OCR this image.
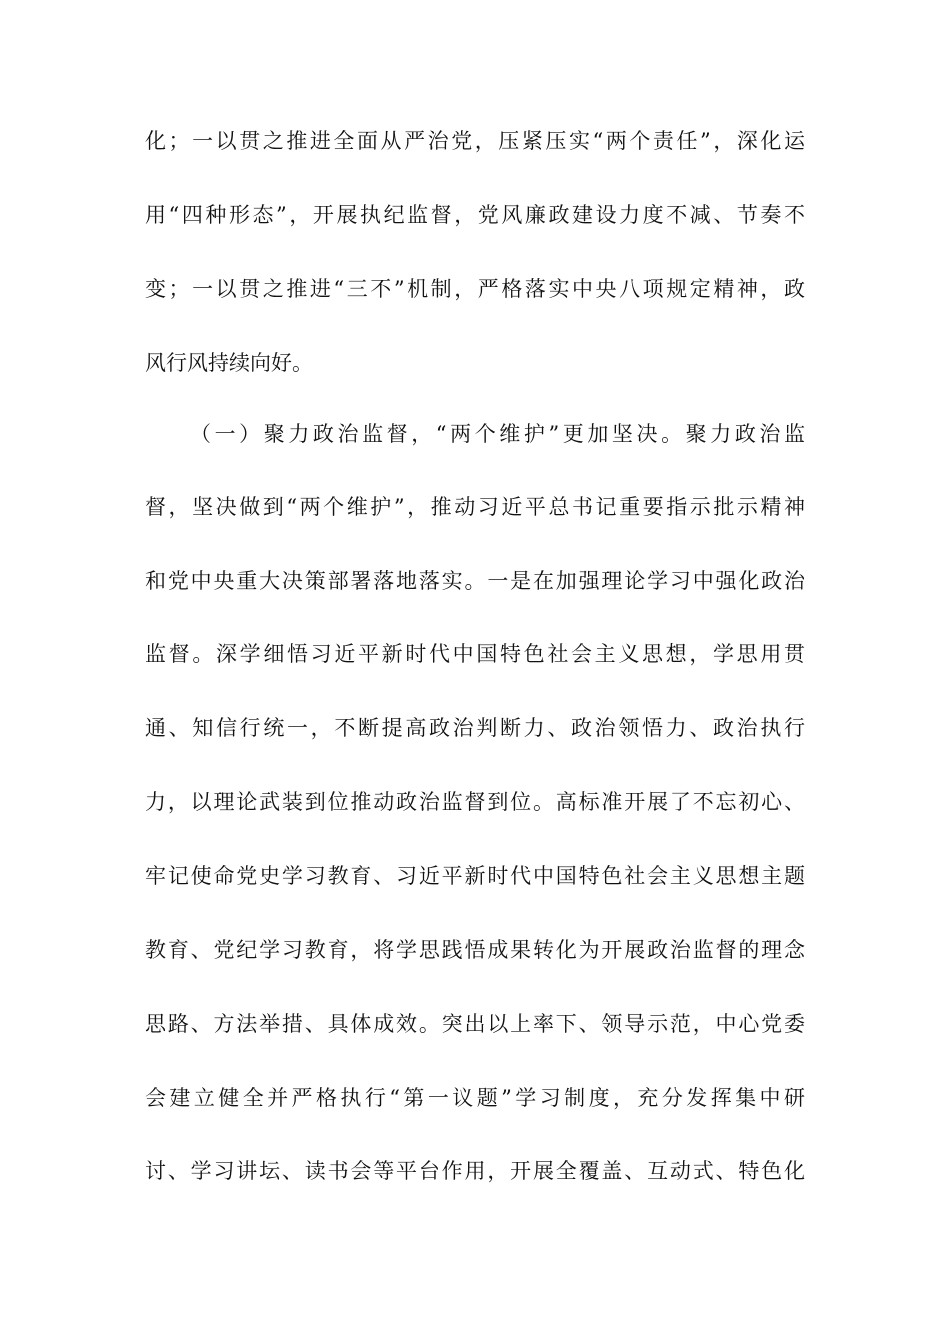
化；一以贯之推进全面从严治党，压紧压实“两个责任”，深化运
用“四种形态”，开展执纪监督，党风廉政建设力度不减、节奏不
变；一以贯之推进“三不”机制，严格落实中央八项规定精神，政
风行风持续向好。
（一）聚力政治监督，“两个维护”更加坚决。聚力政治监
督，坚决做到“两个维护”，推动习近平总书记重要指示批示精神
和党中央重大决策部署落地落实。一是在加强理论学习中强化政治
监督。深学细悟习近平新时代中国特色社会主义思想，学思用贯
通、知信行统一，不断提高政治判断力、政治领悟力、政治执行
力，以理论武装到位推动政治监督到位。高标准开展了不忘初心、
牢记使命党史学习教育、习近平新时代中国特色社会主义思想主题
教育、党纪学习教育，将学思践悟成果转化为开展政治监督的理念
思路、方法举措、具体成效。突出以上率下、领导示范，中心党委
会建立健全并严格执行“第一议题”学习制度，充分发挥集中研
讨、学习讲坛、读书会等平台作用，开展全覆盖、互动式、特色化
